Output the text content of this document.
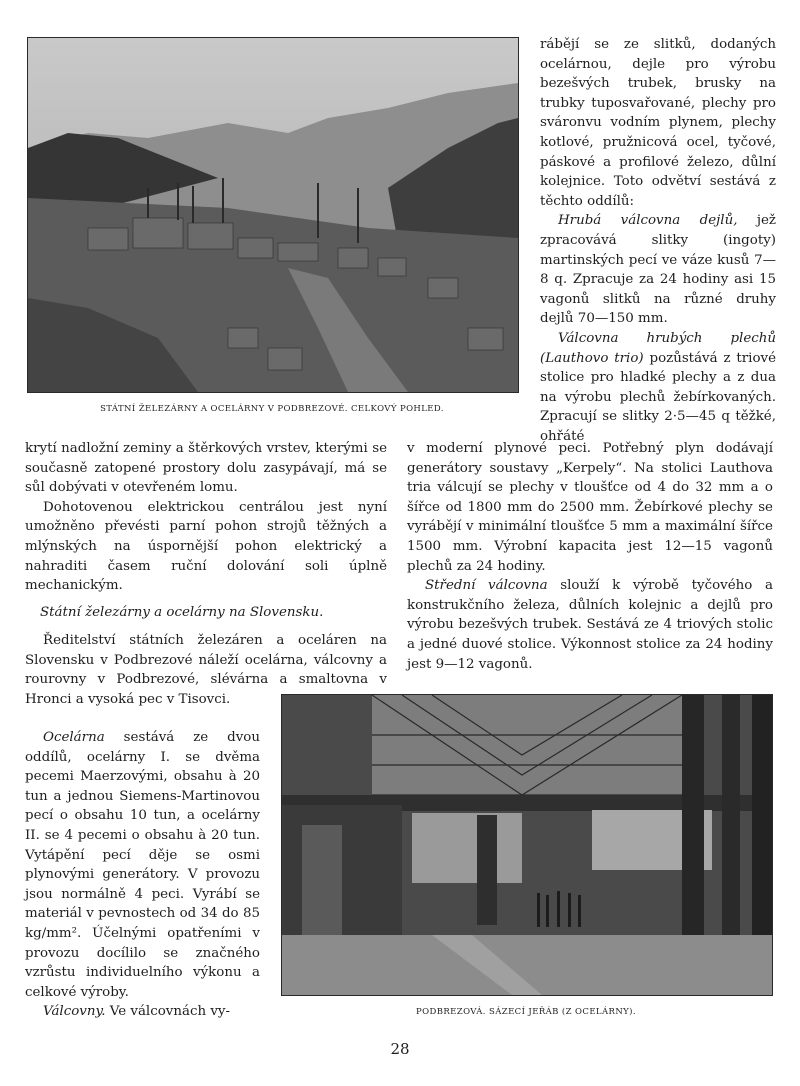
STÁTNÍ ŽELEZÁRNY A OCELÁRNY V PODBREZOVÉ. CELKOVÝ POHLED.

rábějí se ze slitků, dodaných ocelárnou, dejle pro výrobu bezešvých trubek, brusky na trubky tuposvařované, plechy pro sváronvu vodním plynem, plechy kotlové, pružnicová ocel, tyčové, páskové a profilové železo, důlní kolejnice. Toto odvětví sestává z těchto oddílů:

Hrubá válcovna dejlů, jež zpracovává slitky (ingoty) martinských pecí ve váze kusů 7—8 q. Zpracuje za 24 hodiny asi 15 vagonů slitků na různé druhy dejlů 70—150 mm.

Válcovna hrubých plechů (Lauthovo trio) pozůstává z triové stolice pro hladké plechy a z dua na výrobu plechů žebírkovaných. Zpracují se slitky 2·5—45 q těžké, ohřáté

krytí nadložní zeminy a štěrkových vrstev, kterými se současně zatopené prostory dolu zasypávají, má se sůl dobývati v otevřeném lomu.

Dohotovenou elektrickou centrálou jest nyní umožněno převésti parní pohon strojů těžných a mlýnských na úspornější pohon elektrický a nahraditi časem ruční dolování soli úplně mechanickým.

Státní železárny a ocelárny na Slovensku.

Ředitelství státních železáren a oceláren na Slovensku v Podbrezové náleží ocelárna, válcovny a rourovny v Podbrezové, slévárna a smaltovna v Hronci a vysoká pec v Tisovci.

v moderní plynové peci. Potřebný plyn dodávají generátory soustavy „Kerpely“. Na stolici Lauthova tria válcují se plechy v tloušťce od 4 do 32 mm a o šířce od 1800 mm do 2500 mm. Žebírkové plechy se vyrábějí v minimální tloušťce 5 mm a maximální šířce 1500 mm. Výrobní kapacita jest 12—15 vagonů plechů za 24 hodiny.

Střední válcovna slouží k výrobě tyčového a konstrukčního železa, důlních kolejnic a dejlů pro výrobu bezešvých trubek. Sestává ze 4 triových stolic a jedné duové stolice. Výkonnost stolice za 24 hodiny jest 9—12 vagonů.

Ocelárna sestává ze dvou oddílů, ocelárny I. se dvěma pecemi Maerzovými, obsahu à 20 tun a jednou Siemens-Martinovou pecí o obsahu 10 tun, a ocelárny II. se 4 pecemi o obsahu à 20 tun. Vytápění pecí děje se osmi plynovými generátory. V provozu jsou normálně 4 peci. Vyrábí se materiál v pevnostech od 34 do 85 kg/mm². Účelnými opatřeními v provozu docílilo se značného vzrůstu individuelního výkonu a celkové výroby.

Válcovny. Ve válcovnách vy-	PODBREZOVÁ. SÁZECÍ JEŘÁB (Z OCELÁRNY).
28
